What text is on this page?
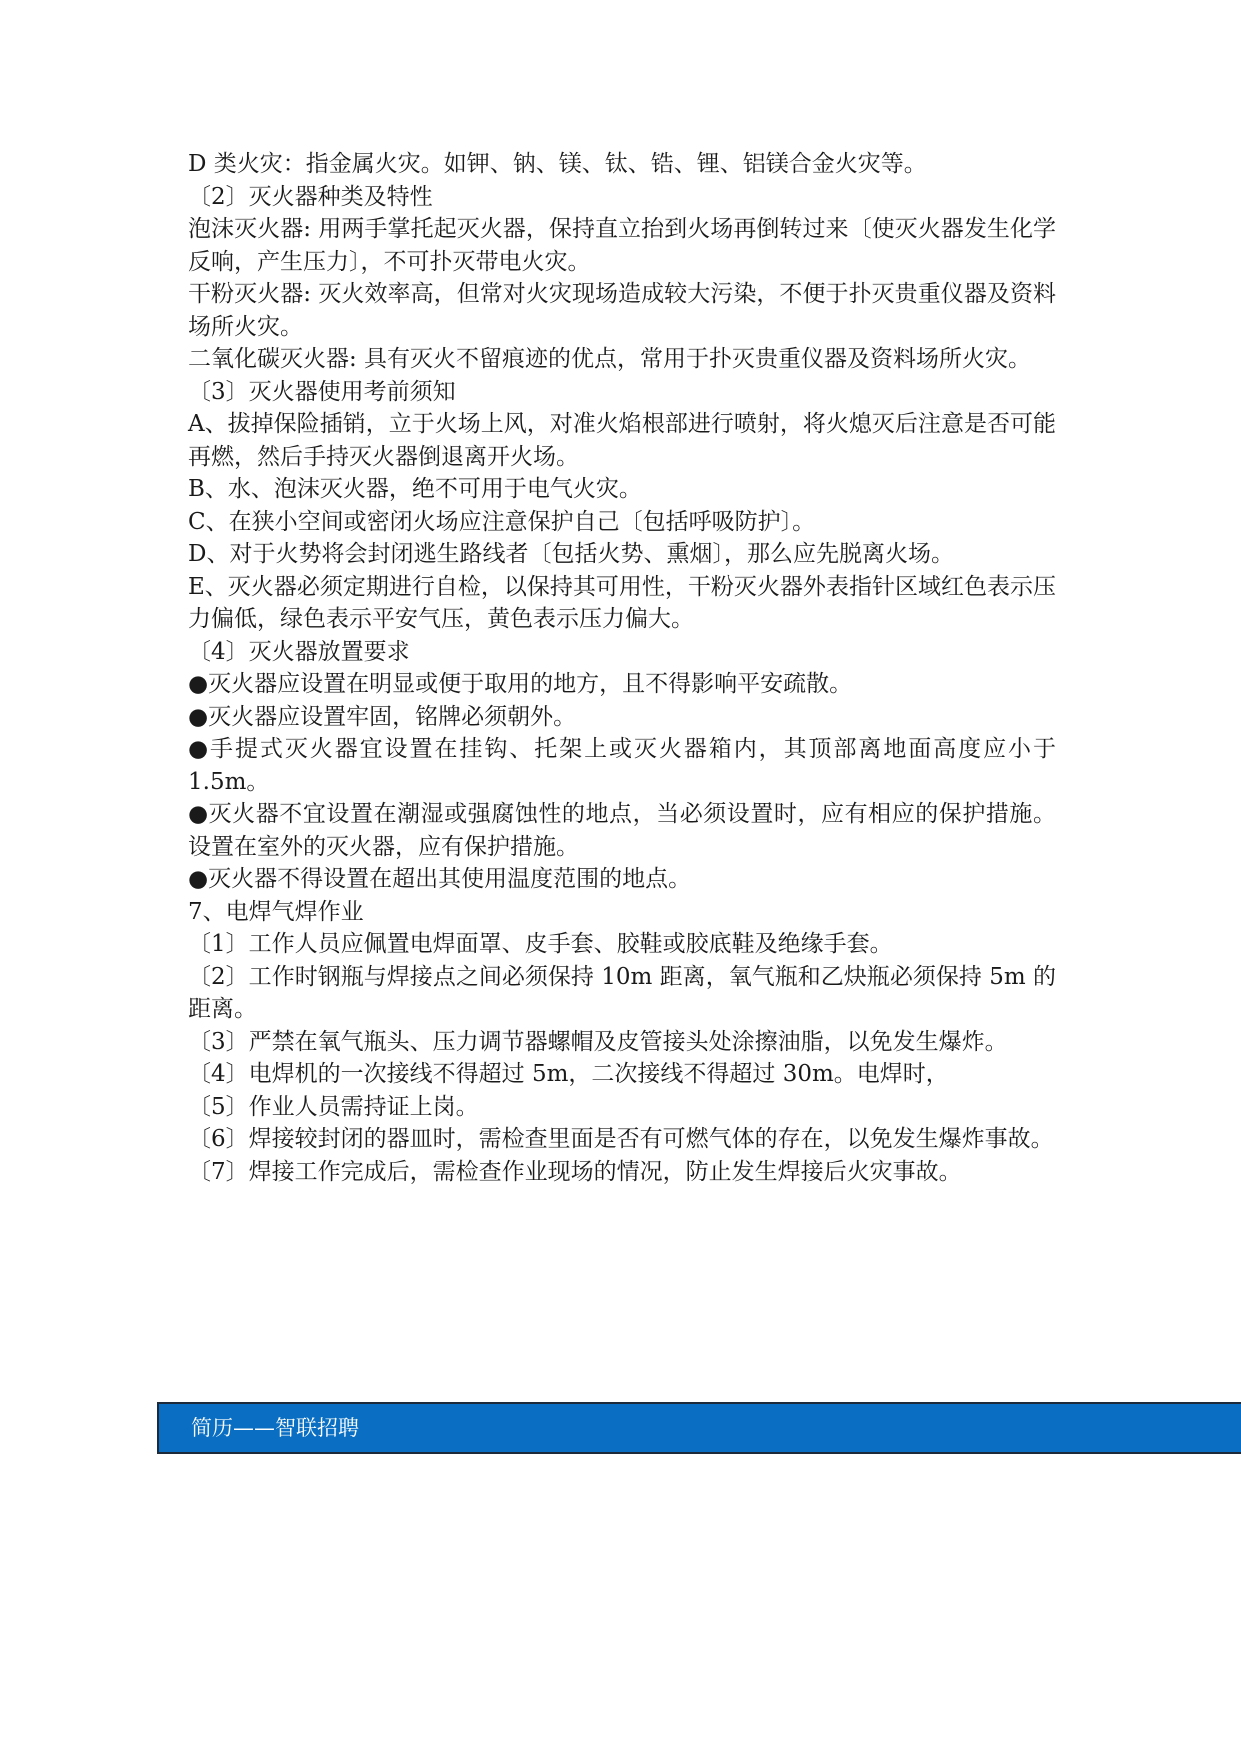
D 类火灾：指金属火灾。如钾、钠、镁、钛、锆、锂、铝镁合金火灾等。

〔2〕灭火器种类及特性

泡沫灭火器: 用两手掌托起灭火器，保持直立抬到火场再倒转过来〔使灭火器发生化学反响，产生压力〕，不可扑灭带电火灾。

干粉灭火器: 灭火效率高，但常对火灾现场造成较大污染，不便于扑灭贵重仪器及资料场所火灾。

二氧化碳灭火器: 具有灭火不留痕迹的优点，常用于扑灭贵重仪器及资料场所火灾。

〔3〕灭火器使用考前须知

A、拔掉保险插销，立于火场上风，对准火焰根部进行喷射，将火熄灭后注意是否可能再燃，然后手持灭火器倒退离开火场。

B、水、泡沫灭火器，绝不可用于电气火灾。

C、在狭小空间或密闭火场应注意保护自己〔包括呼吸防护〕。

D、对于火势将会封闭逃生路线者〔包括火势、熏烟〕，那么应先脱离火场。

E、灭火器必须定期进行自检，以保持其可用性，干粉灭火器外表指针区域红色表示压力偏低，绿色表示平安气压，黄色表示压力偏大。

〔4〕灭火器放置要求

●灭火器应设置在明显或便于取用的地方，且不得影响平安疏散。

●灭火器应设置牢固，铭牌必须朝外。

●手提式灭火器宜设置在挂钩、托架上或灭火器箱内，其顶部离地面高度应小于1.5m。

●灭火器不宜设置在潮湿或强腐蚀性的地点，当必须设置时，应有相应的保护措施。设置在室外的灭火器，应有保护措施。

●灭火器不得设置在超出其使用温度范围的地点。

7、电焊气焊作业

〔1〕工作人员应佩置电焊面罩、皮手套、胶鞋或胶底鞋及绝缘手套。

〔2〕工作时钢瓶与焊接点之间必须保持 10m 距离，氧气瓶和乙炔瓶必须保持 5m 的距离。

〔3〕严禁在氧气瓶头、压力调节器螺帽及皮管接头处涂擦油脂，以免发生爆炸。

〔4〕电焊机的一次接线不得超过 5m，二次接线不得超过 30m。电焊时，

〔5〕作业人员需持证上岗。

〔6〕焊接较封闭的器皿时，需检查里面是否有可燃气体的存在，以免发生爆炸事故。

〔7〕焊接工作完成后，需检查作业现场的情况，防止发生焊接后火灾事故。

简历——智联招聘
